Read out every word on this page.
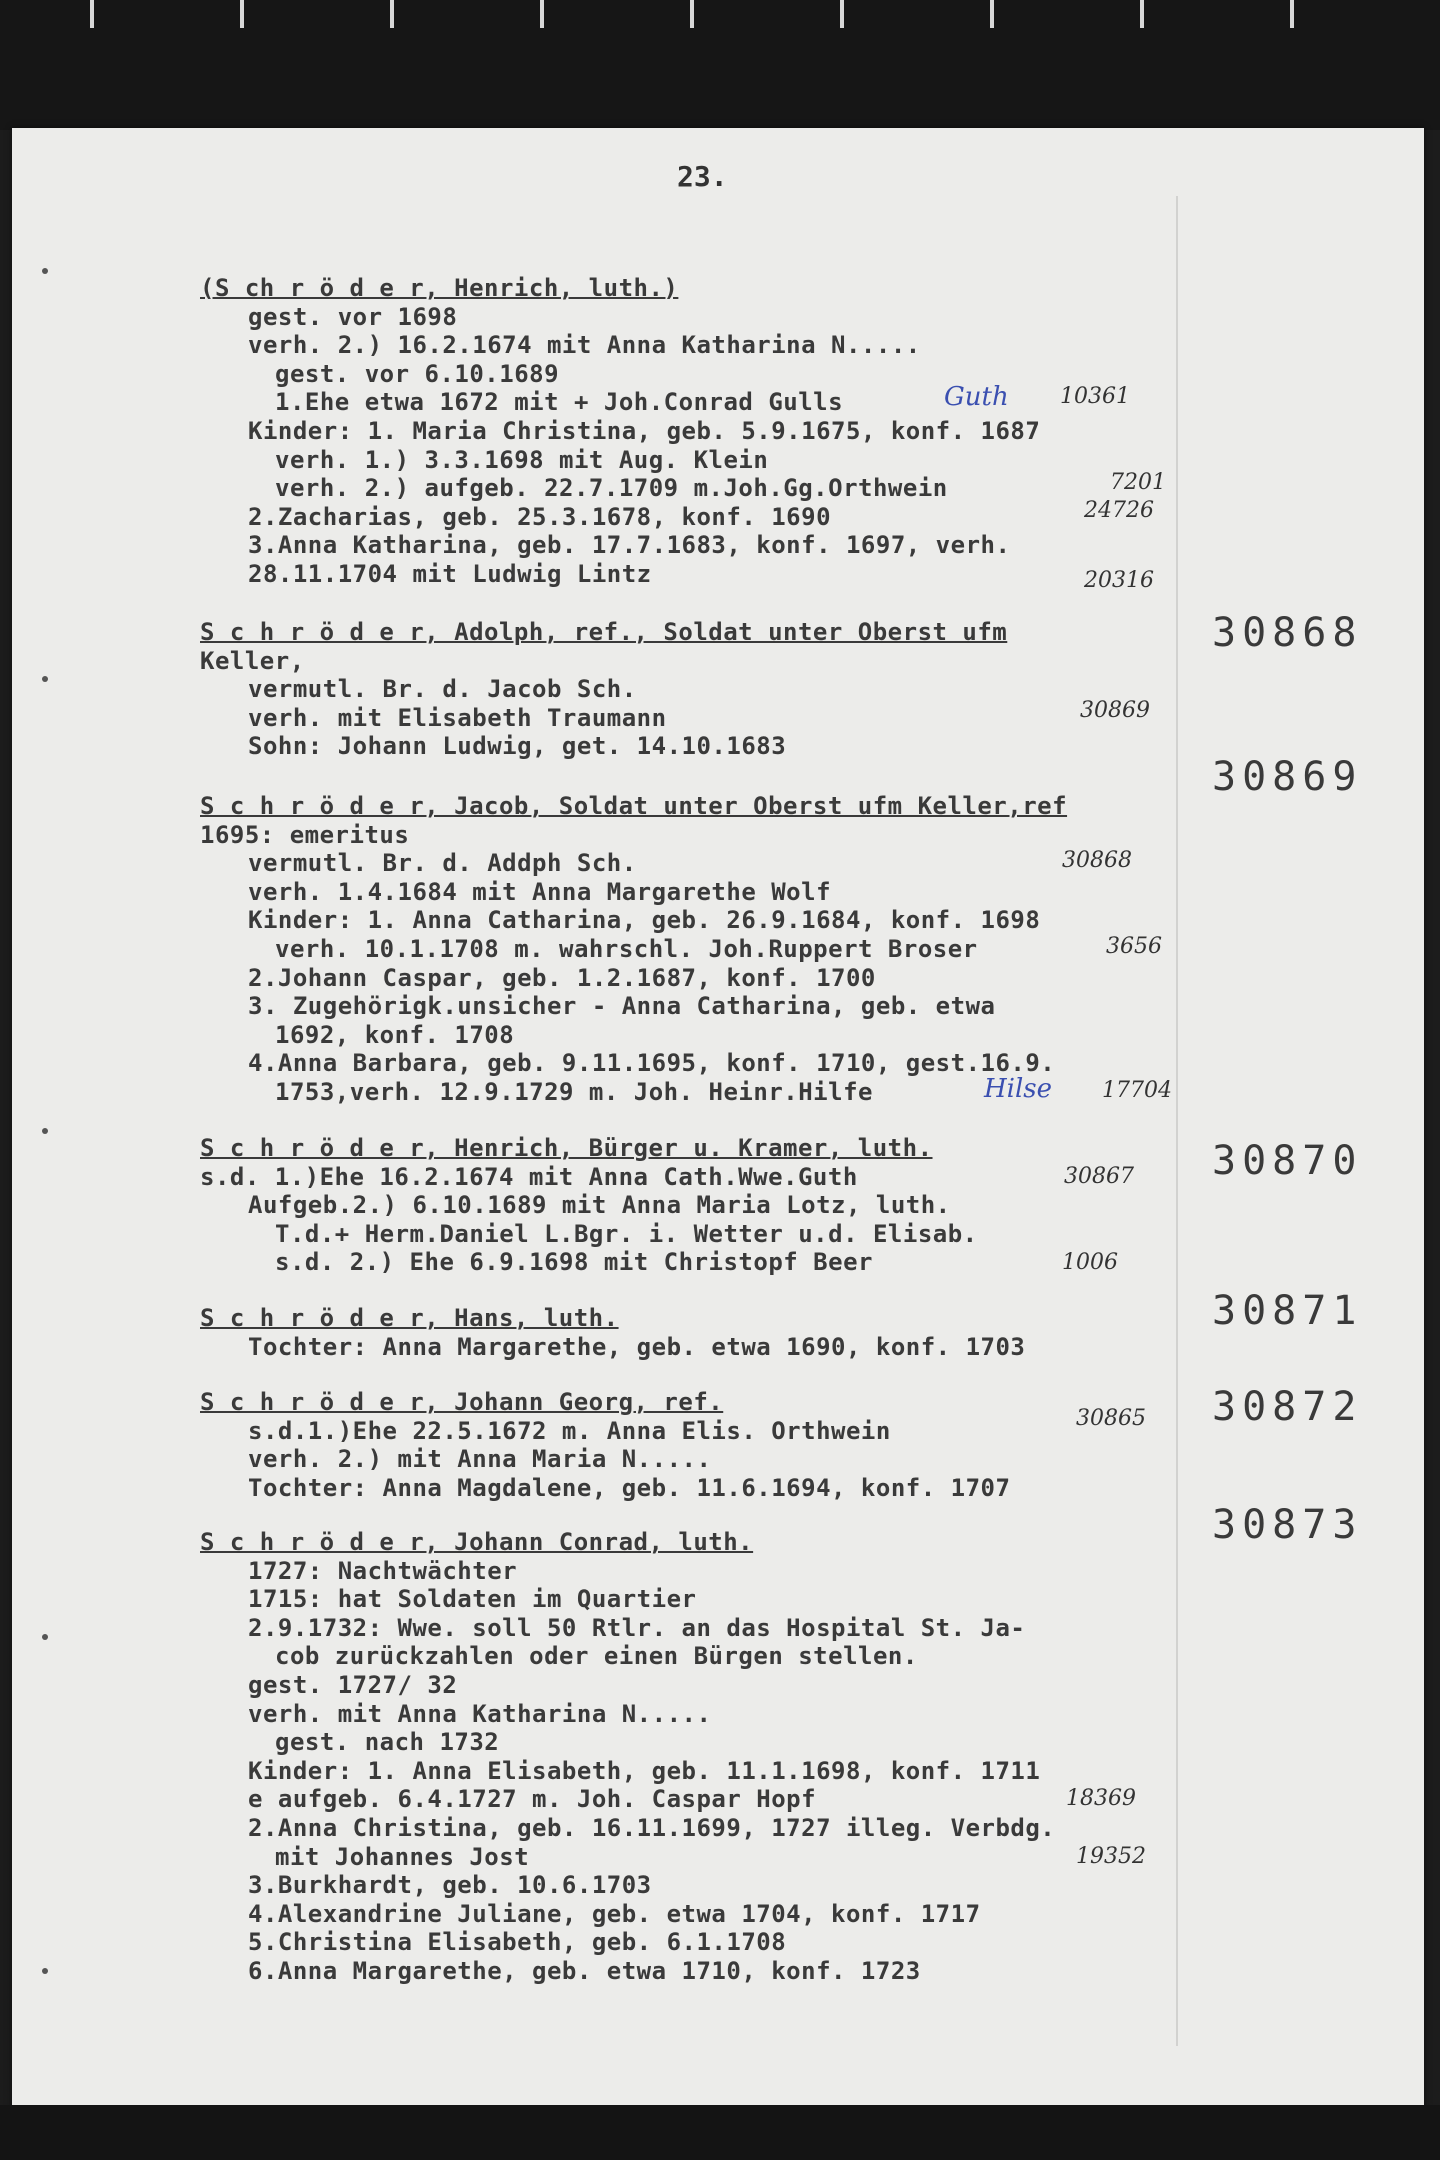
23.
(S ch r ö d e r, Henrich, luth.)
gest. vor 1698
verh. 2.) 16.2.1674 mit Anna Katharina N.....
gest. vor 6.10.1689
1.Ehe etwa 1672 mit + Joh.Conrad Gulls
Kinder: 1. Maria Christina, geb. 5.9.1675, konf. 1687
verh. 1.) 3.3.1698 mit Aug. Klein
verh. 2.) aufgeb. 22.7.1709 m.Joh.Gg.Orthwein
2.Zacharias, geb. 25.3.1678, konf. 1690
3.Anna Katharina, geb. 17.7.1683, konf. 1697, verh.
28.11.1704 mit Ludwig Lintz
Guth 10361
7201
24726
20316
30868
S c h r ö d e r, Adolph, ref., Soldat unter Oberst ufm
Keller,
vermutl. Br. d. Jacob Sch.
verh. mit Elisabeth Traumann
Sohn: Johann Ludwig, get. 14.10.1683
30869
30869
S c h r ö d e r, Jacob, Soldat unter Oberst ufm Keller,ref
1695: emeritus
vermutl. Br. d. Addph Sch.
verh. 1.4.1684 mit Anna Margarethe Wolf
Kinder: 1. Anna Catharina, geb. 26.9.1684, konf. 1698
verh. 10.1.1708 m. wahrschl. Joh.Ruppert Broser
2.Johann Caspar, geb. 1.2.1687, konf. 1700
3. Zugehörigk.unsicher - Anna Catharina, geb. etwa
1692, konf. 1708
4.Anna Barbara, geb. 9.11.1695, konf. 1710, gest.16.9.
1753,verh. 12.9.1729 m. Joh. Heinr.Hilfe
30868
3656
Hilse 17704
30870
S c h r ö d e r, Henrich, Bürger u. Kramer, luth.
s.d. 1.)Ehe 16.2.1674 mit Anna Cath.Wwe.Guth
Aufgeb.2.) 6.10.1689 mit Anna Maria Lotz, luth.
T.d.+ Herm.Daniel L.Bgr. i. Wetter u.d. Elisab.
s.d. 2.) Ehe 6.9.1698 mit Christopf Beer
30867
1006
30871
S c h r ö d e r, Hans, luth.
Tochter: Anna Margarethe, geb. etwa 1690, konf. 1703
30872
S c h r ö d e r, Johann Georg, ref.
s.d.1.)Ehe 22.5.1672 m. Anna Elis. Orthwein
verh. 2.) mit Anna Maria N.....
Tochter: Anna Magdalene, geb. 11.6.1694, konf. 1707
30865
30873
S c h r ö d e r, Johann Conrad, luth.
1727: Nachtwächter
1715: hat Soldaten im Quartier
2.9.1732: Wwe. soll 50 Rtlr. an das Hospital St. Ja-
cob zurückzahlen oder einen Bürgen stellen.
gest. 1727/ 32
verh. mit Anna Katharina N.....
gest. nach 1732
Kinder: 1. Anna Elisabeth, geb. 11.1.1698, konf. 1711
e aufgeb. 6.4.1727 m. Joh. Caspar Hopf
2.Anna Christina, geb. 16.11.1699, 1727 illeg. Verbdg.
mit Johannes Jost
3.Burkhardt, geb. 10.6.1703
4.Alexandrine Juliane, geb. etwa 1704, konf. 1717
5.Christina Elisabeth, geb. 6.1.1708
6.Anna Margarethe, geb. etwa 1710, konf. 1723
18369
19352
